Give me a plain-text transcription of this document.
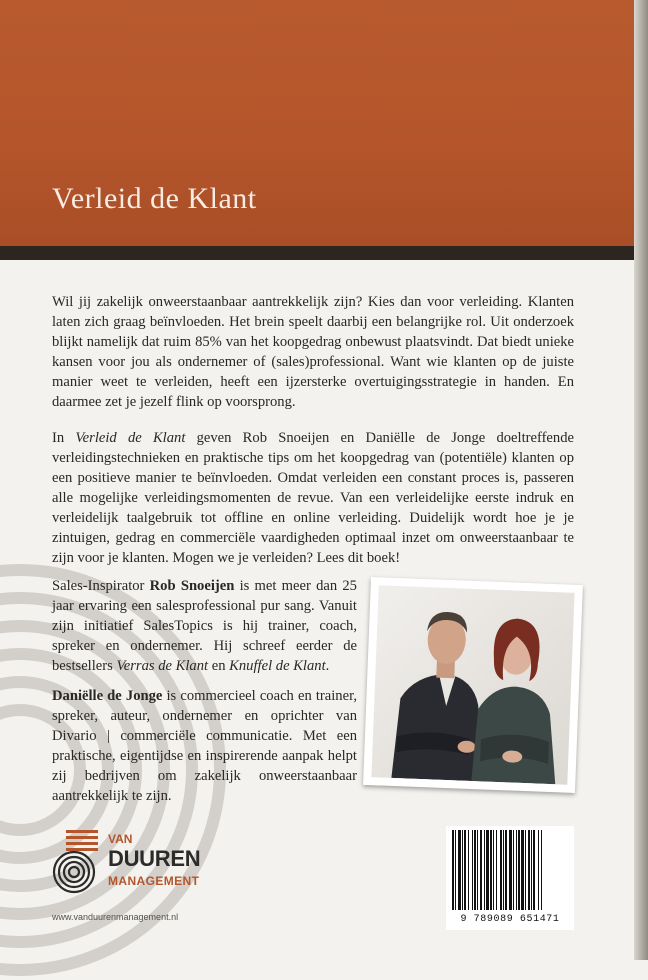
Verleid de Klant

Wil jij zakelijk onweerstaanbaar aantrekkelijk zijn? Kies dan voor verleiding. Klanten laten zich graag beïnvloeden. Het brein speelt daarbij een belangrijke rol. Uit onderzoek blijkt namelijk dat ruim 85% van het koopgedrag onbewust plaatsvindt. Dat biedt unieke kansen voor jou als ondernemer of (sales)professional. Want wie klanten op de juiste manier weet te verleiden, heeft een ijzersterke overtuigingsstrategie in handen. En daarmee zet je jezelf flink op voorsprong.

In Verleid de Klant geven Rob Snoeijen en Daniëlle de Jonge doeltreffende verleidingstechnieken en praktische tips om het koopgedrag van (potentiële) klanten op een positieve manier te beïnvloeden. Omdat verleiden een constant proces is, passeren alle mogelijke verleidingsmomenten de revue. Van een verleidelijke eerste indruk en verleidelijk taalgebruik tot offline en online verleiding. Duidelijk wordt hoe je je zintuigen, gedrag en commerciële vaardigheden optimaal inzet om onweerstaanbaar te zijn voor je klanten. Mogen we je verleiden? Lees dit boek!

Sales-Inspirator Rob Snoeijen is met meer dan 25 jaar ervaring een salesprofessional pur sang. Vanuit zijn initiatief SalesTopics is hij trainer, coach, spreker en ondernemer. Hij schreef eerder de bestsellers Verras de Klant en Knuffel de Klant.

Daniëlle de Jonge is commercieel coach en trainer, spreker, auteur, ondernemer en oprichter van Divario | commerciële communicatie. Met een praktische, eigentijdse en inspirerende aanpak helpt zij bedrijven om zakelijk onweerstaanbaar aantrekkelijk te zijn.

VAN
DUUREN
MANAGEMENT
www.vanduurenmanagement.nl	9 789089 651471
